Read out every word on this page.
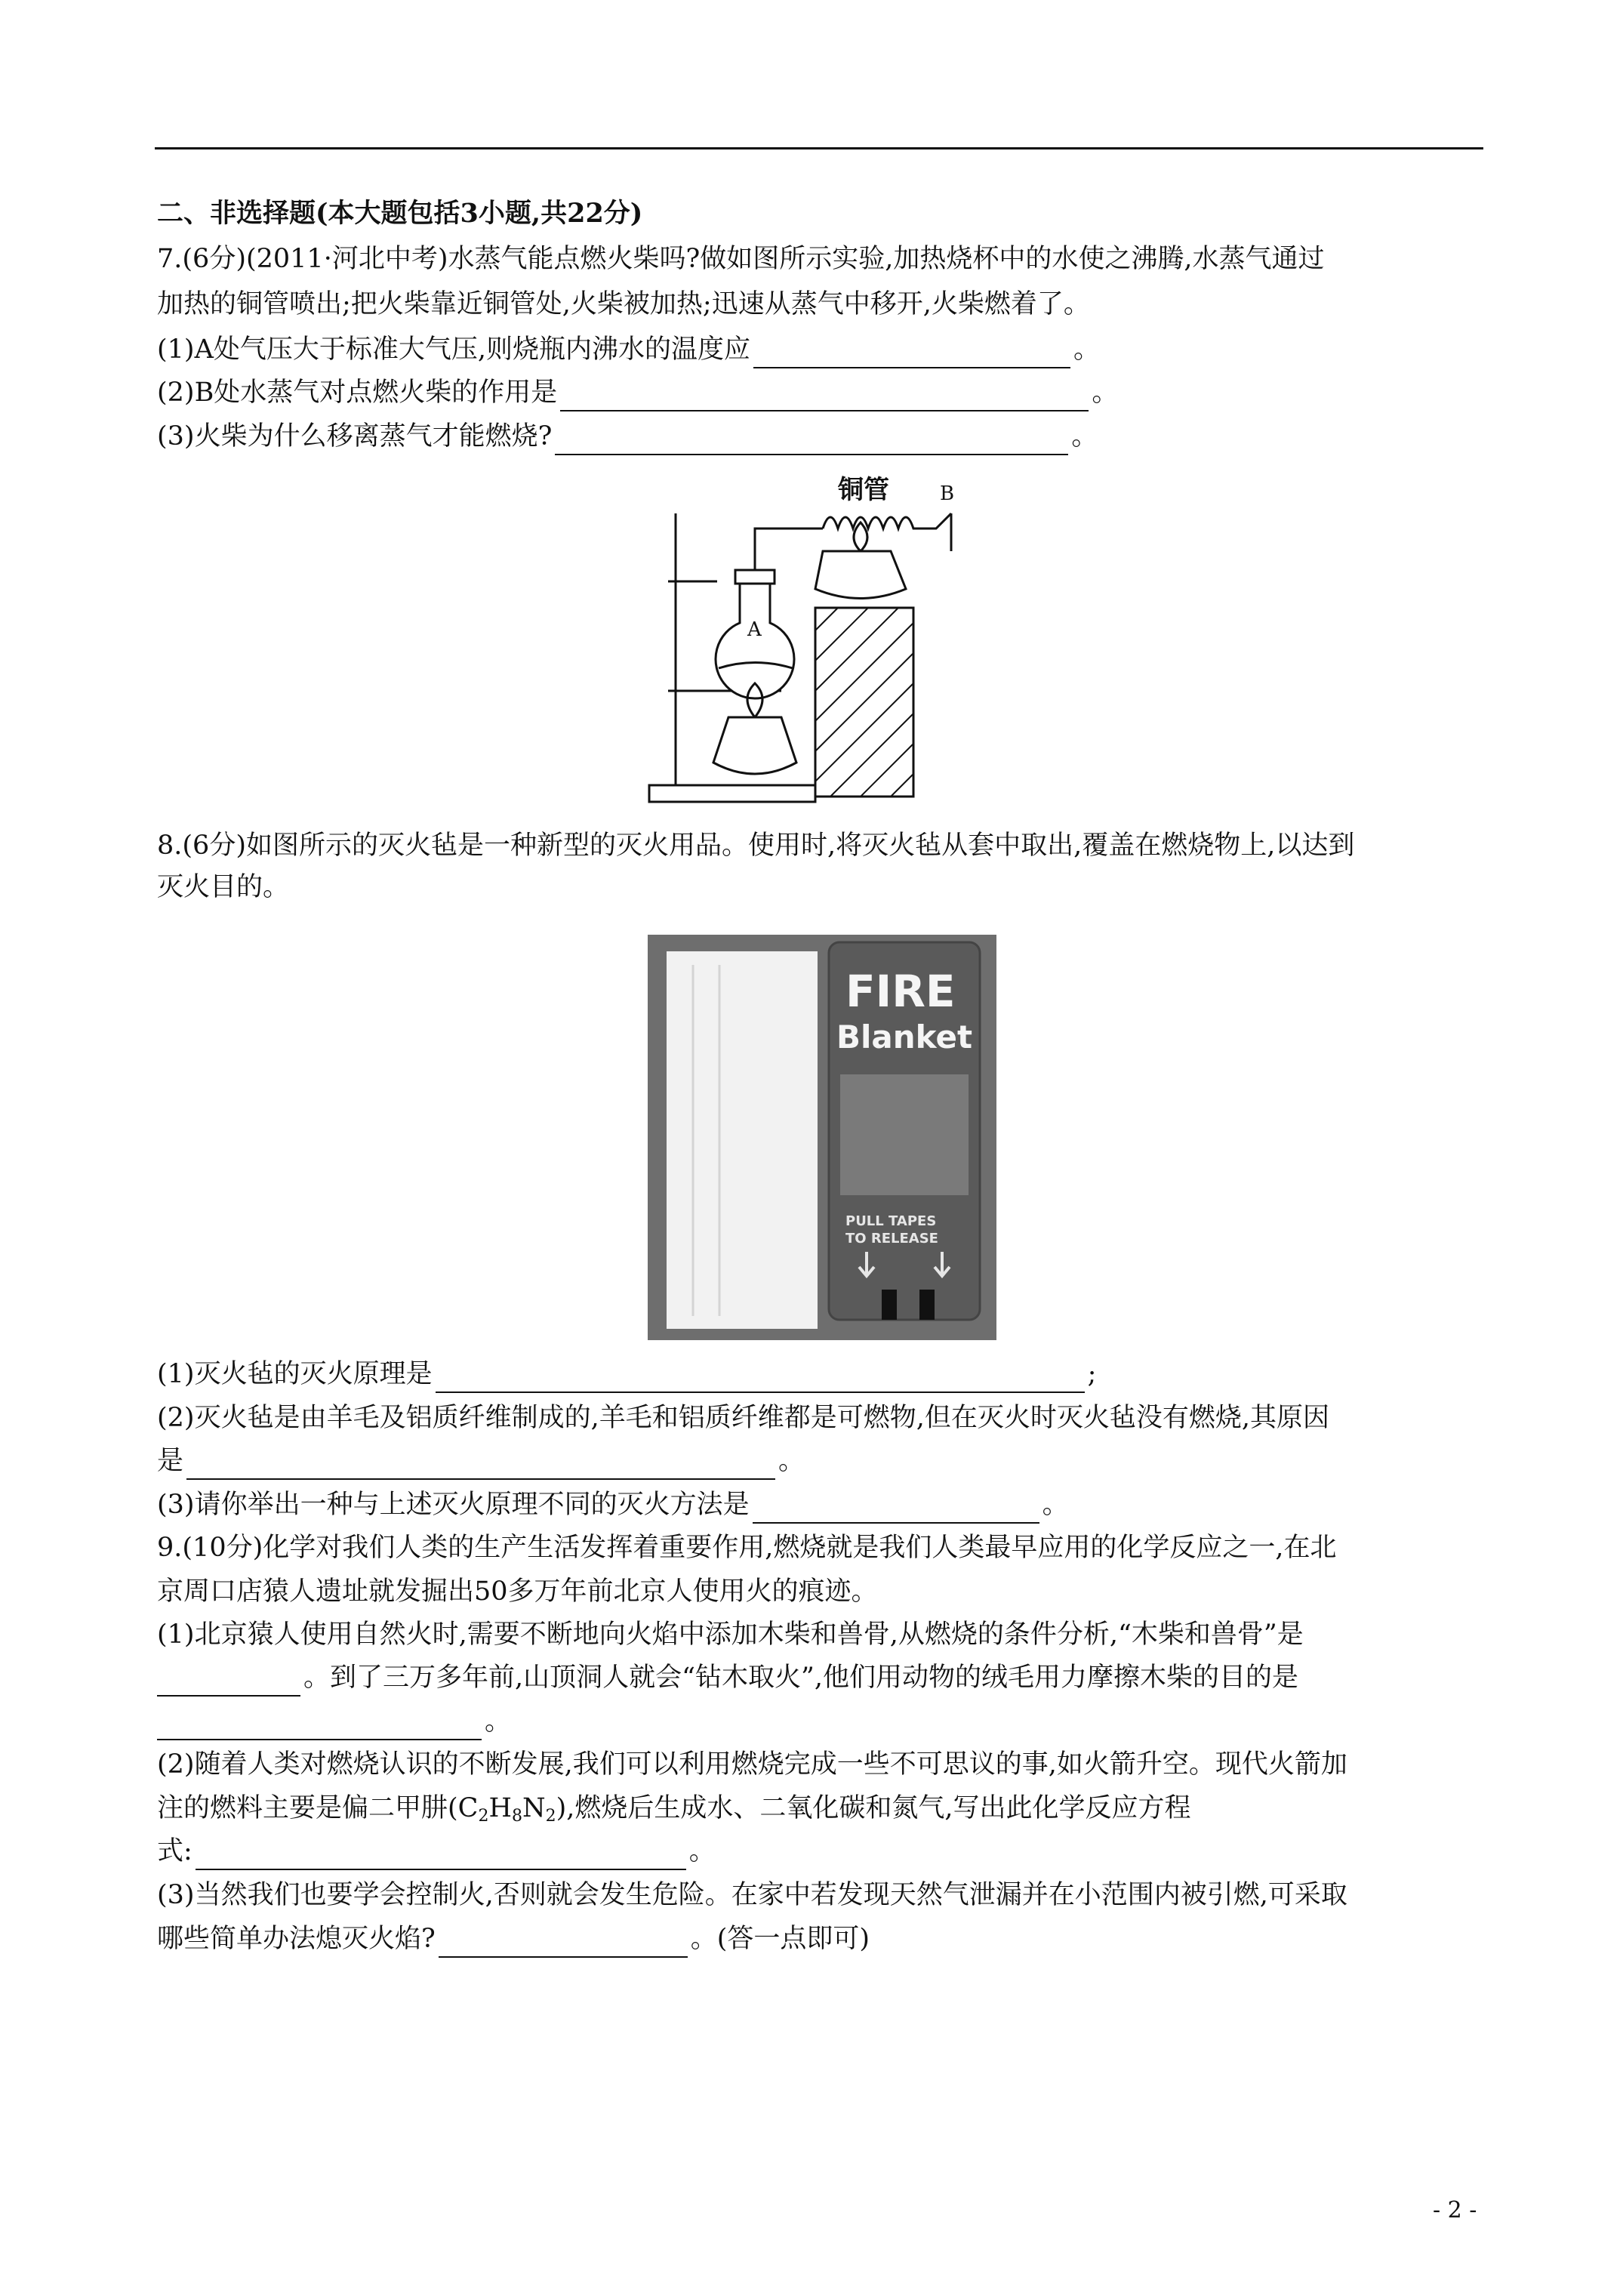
二、非选择题(本大题包括3小题,共22分)
7.(6分)(2011·河北中考)水蒸气能点燃火柴吗?做如图所示实验,加热烧杯中的水使之沸腾,水蒸气通过
加热的铜管喷出;把火柴靠近铜管处,火柴被加热;迅速从蒸气中移开,火柴燃着了。
(1)A处气压大于标准大气压,则烧瓶内沸水的温度应	。
(2)B处水蒸气对点燃火柴的作用是	。
(3)火柴为什么移离蒸气才能燃烧?	。
铜管	B
A
8.(6分)如图所示的灭火毡是一种新型的灭火用品。使用时,将灭火毡从套中取出,覆盖在燃烧物上,以达到
灭火目的。
FIRE
Blanket
PULL TAPES
TO RELEASE
(1)灭火毡的灭火原理是	;
(2)灭火毡是由羊毛及铝质纤维制成的,羊毛和铝质纤维都是可燃物,但在灭火时灭火毡没有燃烧,其原因
是	。
(3)请你举出一种与上述灭火原理不同的灭火方法是	。
9.(10分)化学对我们人类的生产生活发挥着重要作用,燃烧就是我们人类最早应用的化学反应之一,在北
京周口店猿人遗址就发掘出50多万年前北京人使用火的痕迹。
(1)北京猿人使用自然火时,需要不断地向火焰中添加木柴和兽骨,从燃烧的条件分析,“木柴和兽骨”是
。到了三万多年前,山顶洞人就会“钻木取火”,他们用动物的绒毛用力摩擦木柴的目的是
。
(2)随着人类对燃烧认识的不断发展,我们可以利用燃烧完成一些不可思议的事,如火箭升空。现代火箭加
注的燃料主要是偏二甲肼$(C_2H_8N_2)$,燃烧后生成水、二氧化碳和氮气,写出此化学反应方程
式:	。
(3)当然我们也要学会控制火,否则就会发生危险。在家中若发现天然气泄漏并在小范围内被引燃,可采取
哪些简单办法熄灭火焰?	。(答一点即可)
- 2 -
